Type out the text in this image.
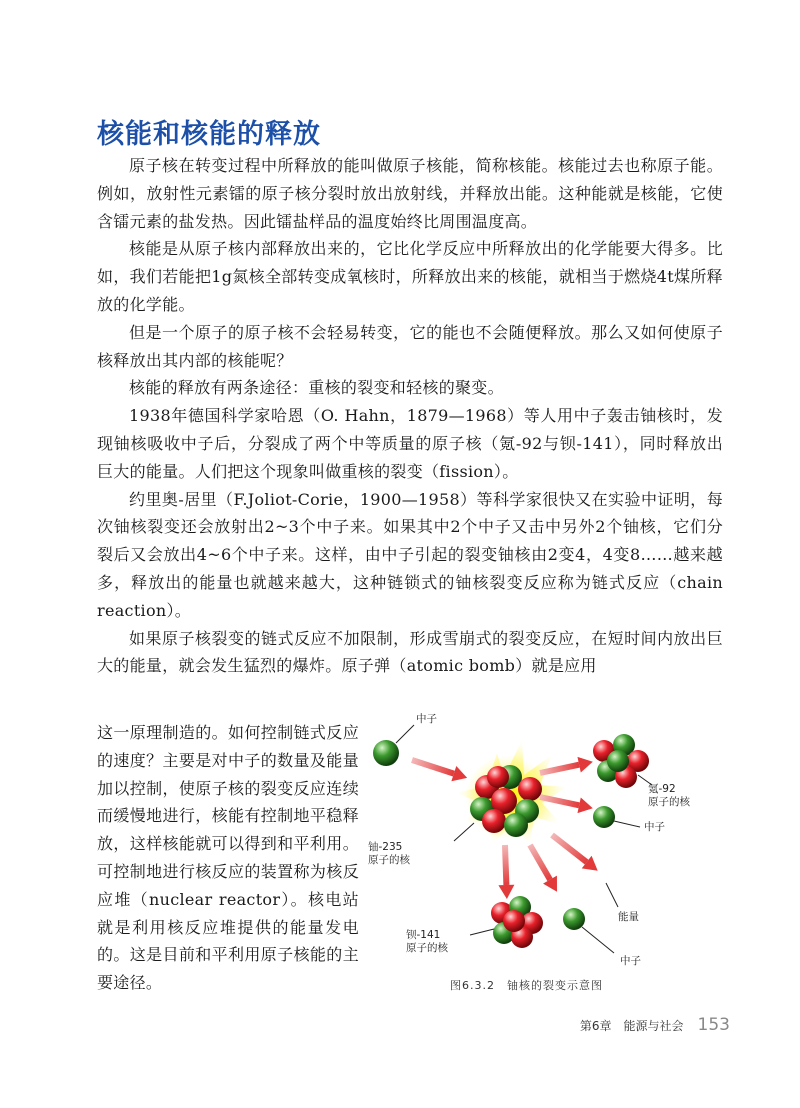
核能和核能的释放

原子核在转变过程中所释放的能叫做原子核能，简称核能。核能过去也称原子能。例如，放射性元素镭的原子核分裂时放出放射线，并释放出能。这种能就是核能，它使含镭元素的盐发热。因此镭盐样品的温度始终比周围温度高。

核能是从原子核内部释放出来的，它比化学反应中所释放出的化学能要大得多。比如，我们若能把1g氮核全部转变成氧核时，所释放出来的核能，就相当于燃烧4t煤所释放的化学能。

但是一个原子的原子核不会轻易转变，它的能也不会随便释放。那么又如何使原子核释放出其内部的核能呢？

核能的释放有两条途径：重核的裂变和轻核的聚变。

1938年德国科学家哈恩（O. Hahn，1879—1968）等人用中子轰击铀核时，发现铀核吸收中子后，分裂成了两个中等质量的原子核（氪-92与钡-141），同时释放出巨大的能量。人们把这个现象叫做重核的裂变（fission）。

约里奥-居里（F.Joliot-Corie，1900—1958）等科学家很快又在实验中证明，每次铀核裂变还会放射出2~3个中子来。如果其中2个中子又击中另外2个铀核，它们分裂后又会放出4~6个中子来。这样，由中子引起的裂变铀核由2变4，4变8……越来越多，释放出的能量也就越来越大，这种链锁式的铀核裂变反应称为链式反应（chain reaction）。

如果原子核裂变的链式反应不加限制，形成雪崩式的裂变反应，在短时间内放出巨大的能量，就会发生猛烈的爆炸。原子弹（atomic bomb）就是应用

这一原理制造的。如何控制链式反应的速度？主要是对中子的数量及能量加以控制，使原子核的裂变反应连续而缓慢地进行，核能有控制地平稳释放，这样核能就可以得到和平利用。可控制地进行核反应的装置称为核反应堆（nuclear reactor）。核电站就是利用核反应堆提供的能量发电的。这是目前和平利用原子核能的主要途径。

中子
铀-235
原子的核
氪-92
原子的核
中子
能量
钡-141
原子的核
中子
图6.3.2　铀核的裂变示意图
第6章　能源与社会 153
